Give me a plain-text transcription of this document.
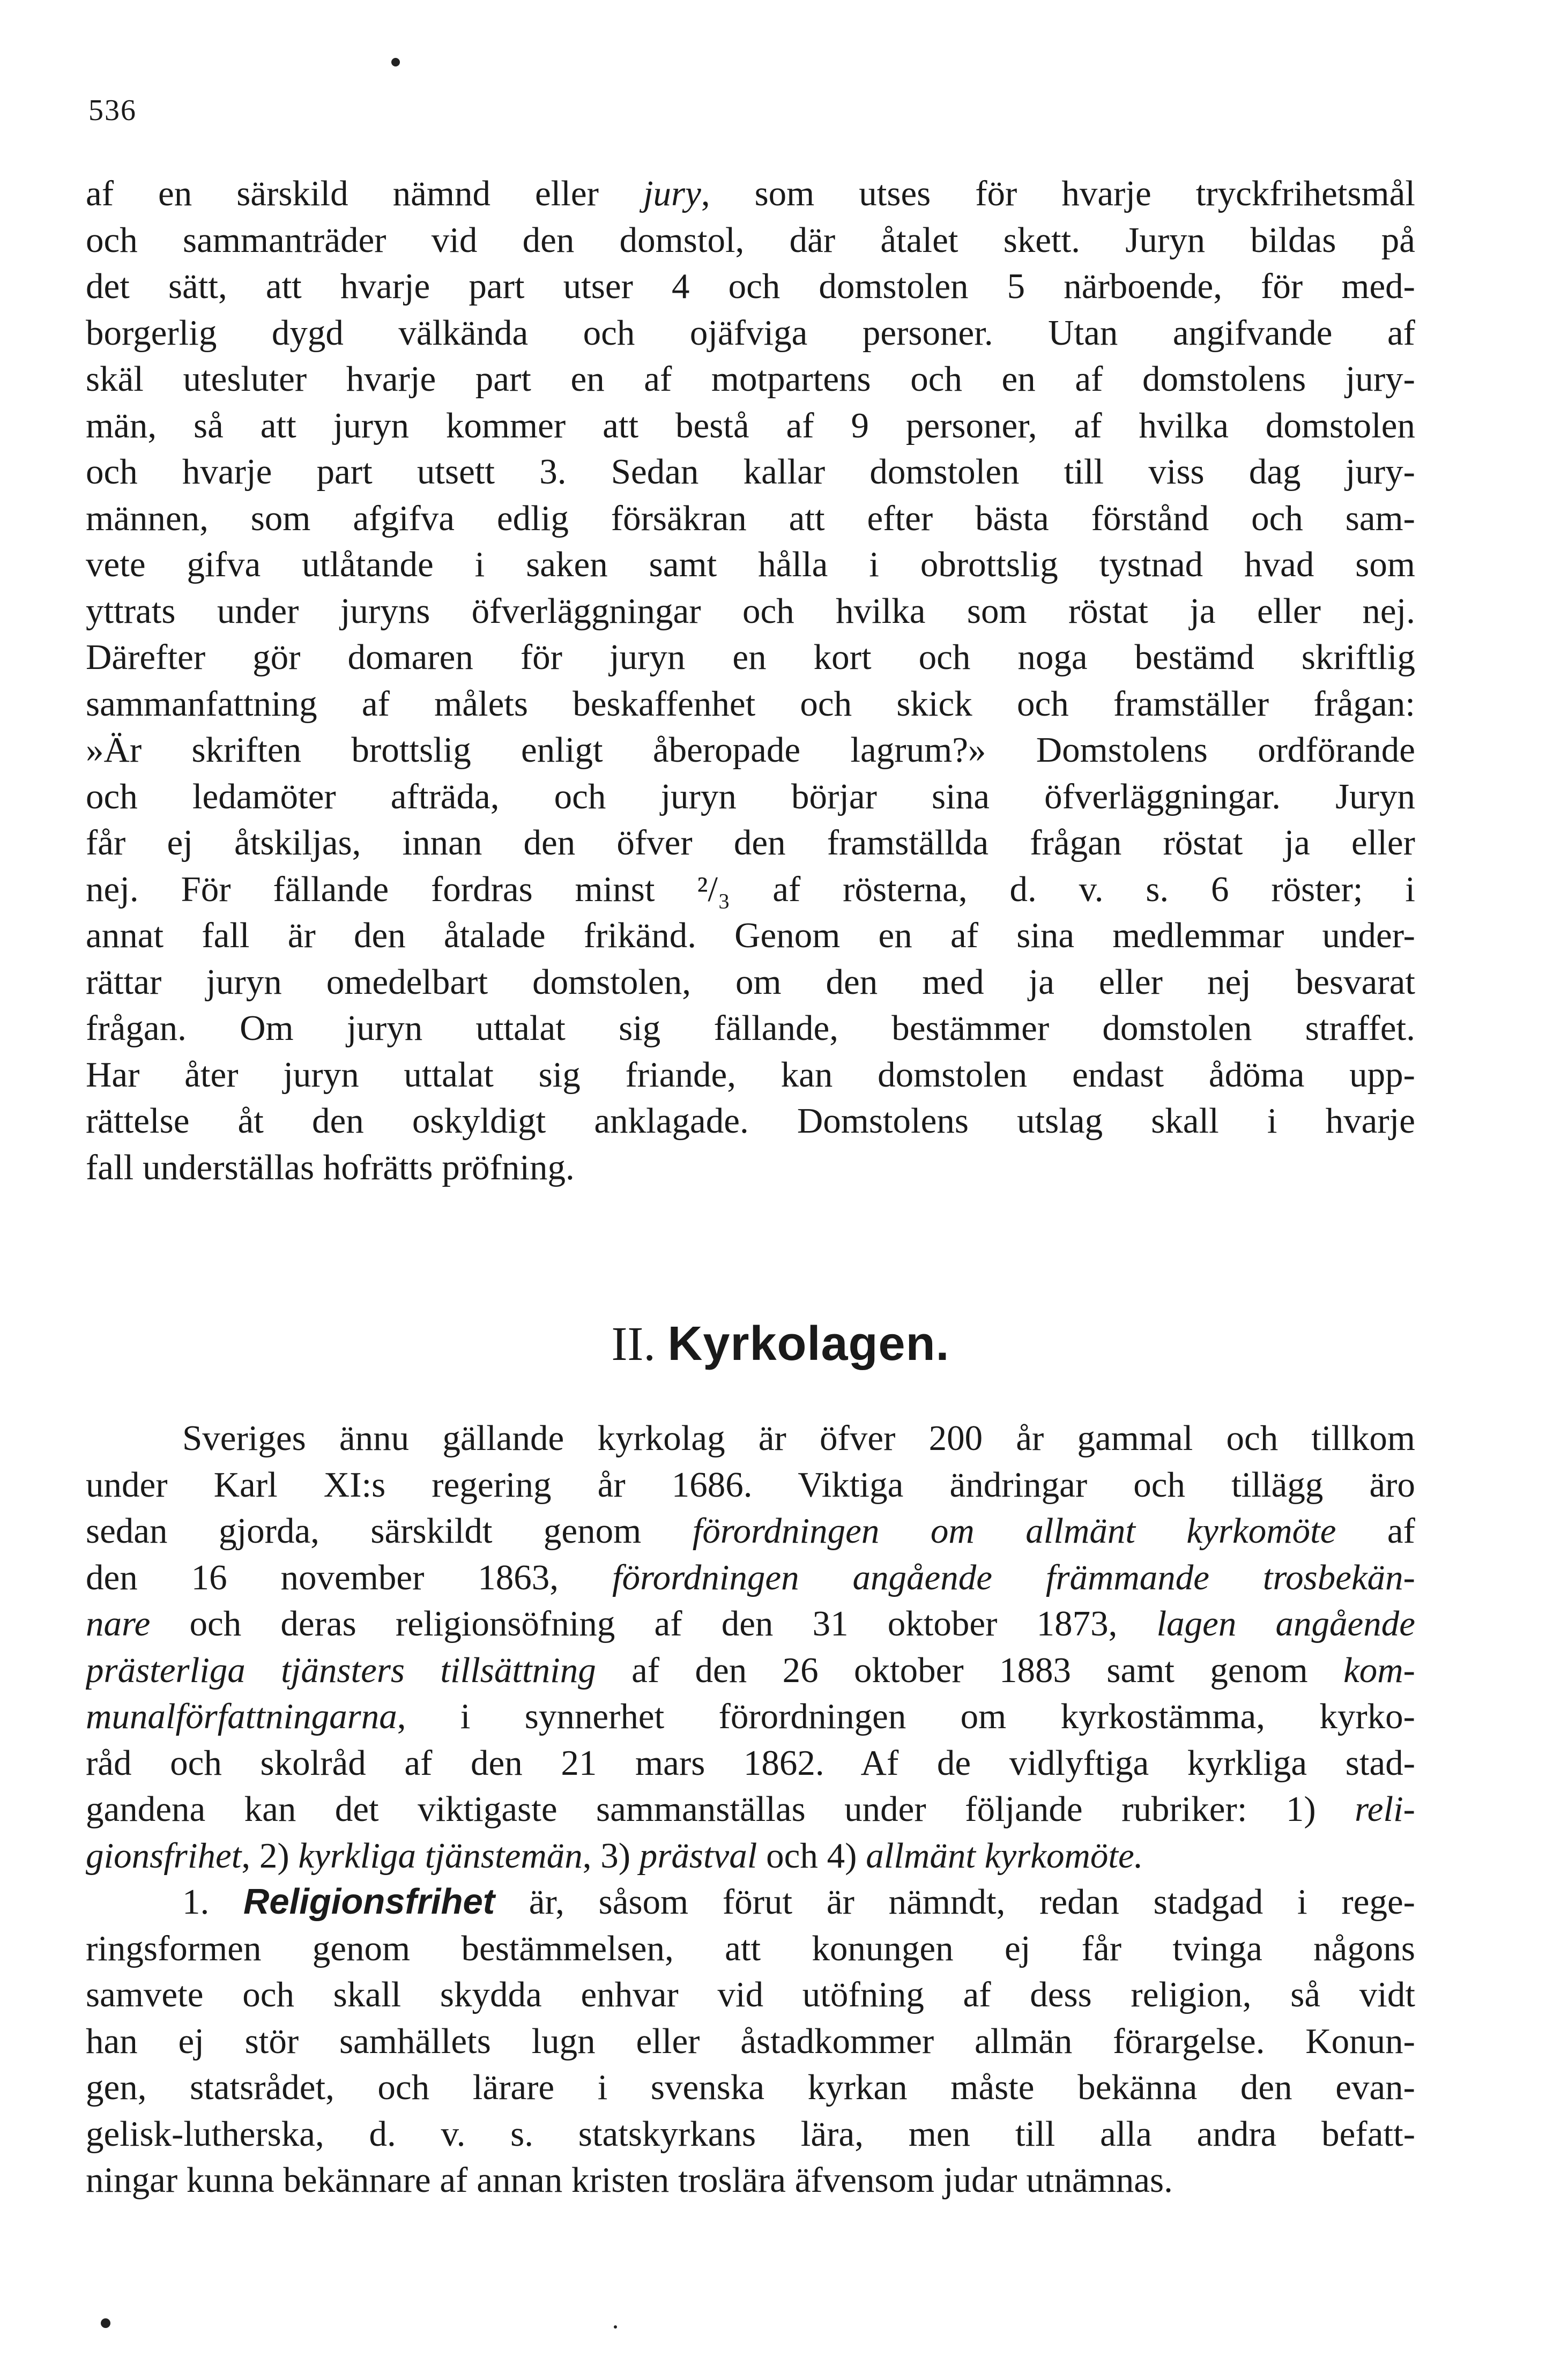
536
af en särskild nämnd eller jury, som utses för hvarje tryckfrihetsmål
och sammanträder vid den domstol, där åtalet skett. Juryn bildas på
det sätt, att hvarje part utser 4 och domstolen 5 närboende, för med-
borgerlig dygd välkända och ojäfviga personer. Utan angifvande af
skäl utesluter hvarje part en af motpartens och en af domstolens jury-
män, så att juryn kommer att bestå af 9 personer, af hvilka domstolen
och hvarje part utsett 3. Sedan kallar domstolen till viss dag jury-
männen, som afgifva edlig försäkran att efter bästa förstånd och sam-
vete gifva utlåtande i saken samt hålla i obrottslig tystnad hvad som
yttrats under juryns öfverläggningar och hvilka som röstat ja eller nej.
Därefter gör domaren för juryn en kort och noga bestämd skriftlig
sammanfattning af målets beskaffenhet och skick och framställer frågan:
»Är skriften brottslig enligt åberopade lagrum?» Domstolens ordförande
och ledamöter afträda, och juryn börjar sina öfverläggningar. Juryn
får ej åtskiljas, innan den öfver den framställda frågan röstat ja eller
nej. För fällande fordras minst ²/₃ af rösterna, d. v. s. 6 röster; i
annat fall är den åtalade frikänd. Genom en af sina medlemmar under-
rättar juryn omedelbart domstolen, om den med ja eller nej besvarat
frågan. Om juryn uttalat sig fällande, bestämmer domstolen straffet.
Har åter juryn uttalat sig friande, kan domstolen endast ådöma upp-
rättelse åt den oskyldigt anklagade. Domstolens utslag skall i hvarje
fall underställas hofrätts pröfning.
II. Kyrkolagen.
Sveriges ännu gällande kyrkolag är öfver 200 år gammal och tillkom
under Karl XI:s regering år 1686. Viktiga ändringar och tillägg äro
sedan gjorda, särskildt genom förordningen om allmänt kyrkomöte af
den 16 november 1863, förordningen angående främmande trosbekän-
nare och deras religionsöfning af den 31 oktober 1873, lagen angående
prästerliga tjänsters tillsättning af den 26 oktober 1883 samt genom kom-
munalförfattningarna, i synnerhet förordningen om kyrkostämma, kyrko-
råd och skolråd af den 21 mars 1862. Af de vidlyftiga kyrkliga stad-
gandena kan det viktigaste sammanställas under följande rubriker: 1) reli-
gionsfrihet, 2) kyrkliga tjänstemän, 3) prästval och 4) allmänt kyrkomöte.
1. Religionsfrihet är, såsom förut är nämndt, redan stadgad i rege-
ringsformen genom bestämmelsen, att konungen ej får tvinga någons
samvete och skall skydda enhvar vid utöfning af dess religion, så vidt
han ej stör samhällets lugn eller åstadkommer allmän förargelse. Konun-
gen, statsrådet, och lärare i svenska kyrkan måste bekänna den evan-
gelisk-lutherska, d. v. s. statskyrkans lära, men till alla andra befatt-
ningar kunna bekännare af annan kristen troslära äfvensom judar utnämnas.
